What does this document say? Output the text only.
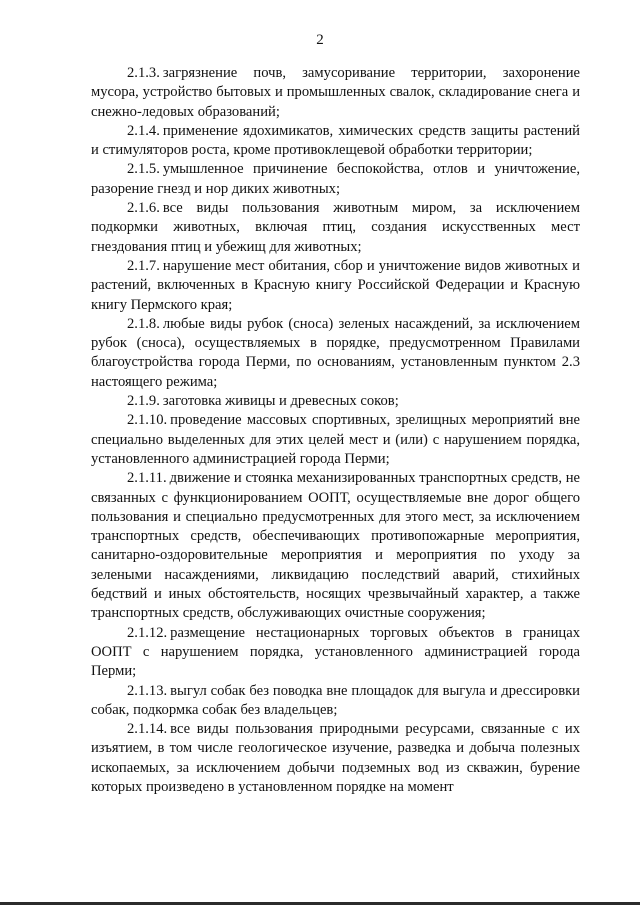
2

2.1.3. загрязнение почв, замусоривание территории, захоронение мусора, устройство бытовых и промышленных свалок, складирование снега и снежно-ледовых образований;

2.1.4. применение ядохимикатов, химических средств защиты растений и стимуляторов роста, кроме противоклещевой обработки территории;

2.1.5. умышленное причинение беспокойства, отлов и уничтожение, разорение гнезд и нор диких животных;

2.1.6. все виды пользования животным миром, за исключением подкормки животных, включая птиц, создания искусственных мест гнездования птиц и убежищ для животных;

2.1.7. нарушение мест обитания, сбор и уничтожение видов животных и растений, включенных в Красную книгу Российской Федерации и Красную книгу Пермского края;

2.1.8. любые виды рубок (сноса) зеленых насаждений, за исключением рубок (сноса), осуществляемых в порядке, предусмотренном Правилами благоустройства города Перми, по основаниям, установленным пунктом 2.3 настоящего режима;

2.1.9. заготовка живицы и древесных соков;

2.1.10. проведение массовых спортивных, зрелищных мероприятий вне специально выделенных для этих целей мест и (или) с нарушением порядка, установленного администрацией города Перми;

2.1.11. движение и стоянка механизированных транспортных средств, не связанных с функционированием ООПТ, осуществляемые вне дорог общего пользования и специально предусмотренных для этого мест, за исключением транспортных средств, обеспечивающих противопожарные мероприятия, санитарно-оздоровительные мероприятия и мероприятия по уходу за зелеными насаждениями, ликвидацию последствий аварий, стихийных бедствий и иных обстоятельств, носящих чрезвычайный характер, а также транспортных средств, обслуживающих очистные сооружения;

2.1.12. размещение нестационарных торговых объектов в границах ООПТ с нарушением порядка, установленного администрацией города Перми;

2.1.13. выгул собак без поводка вне площадок для выгула и дрессировки собак, подкормка собак без владельцев;

2.1.14. все виды пользования природными ресурсами, связанные с их изъятием, в том числе геологическое изучение, разведка и добыча полезных ископаемых, за исключением добычи подземных вод из скважин, бурение которых произведено в установленном порядке на момент
